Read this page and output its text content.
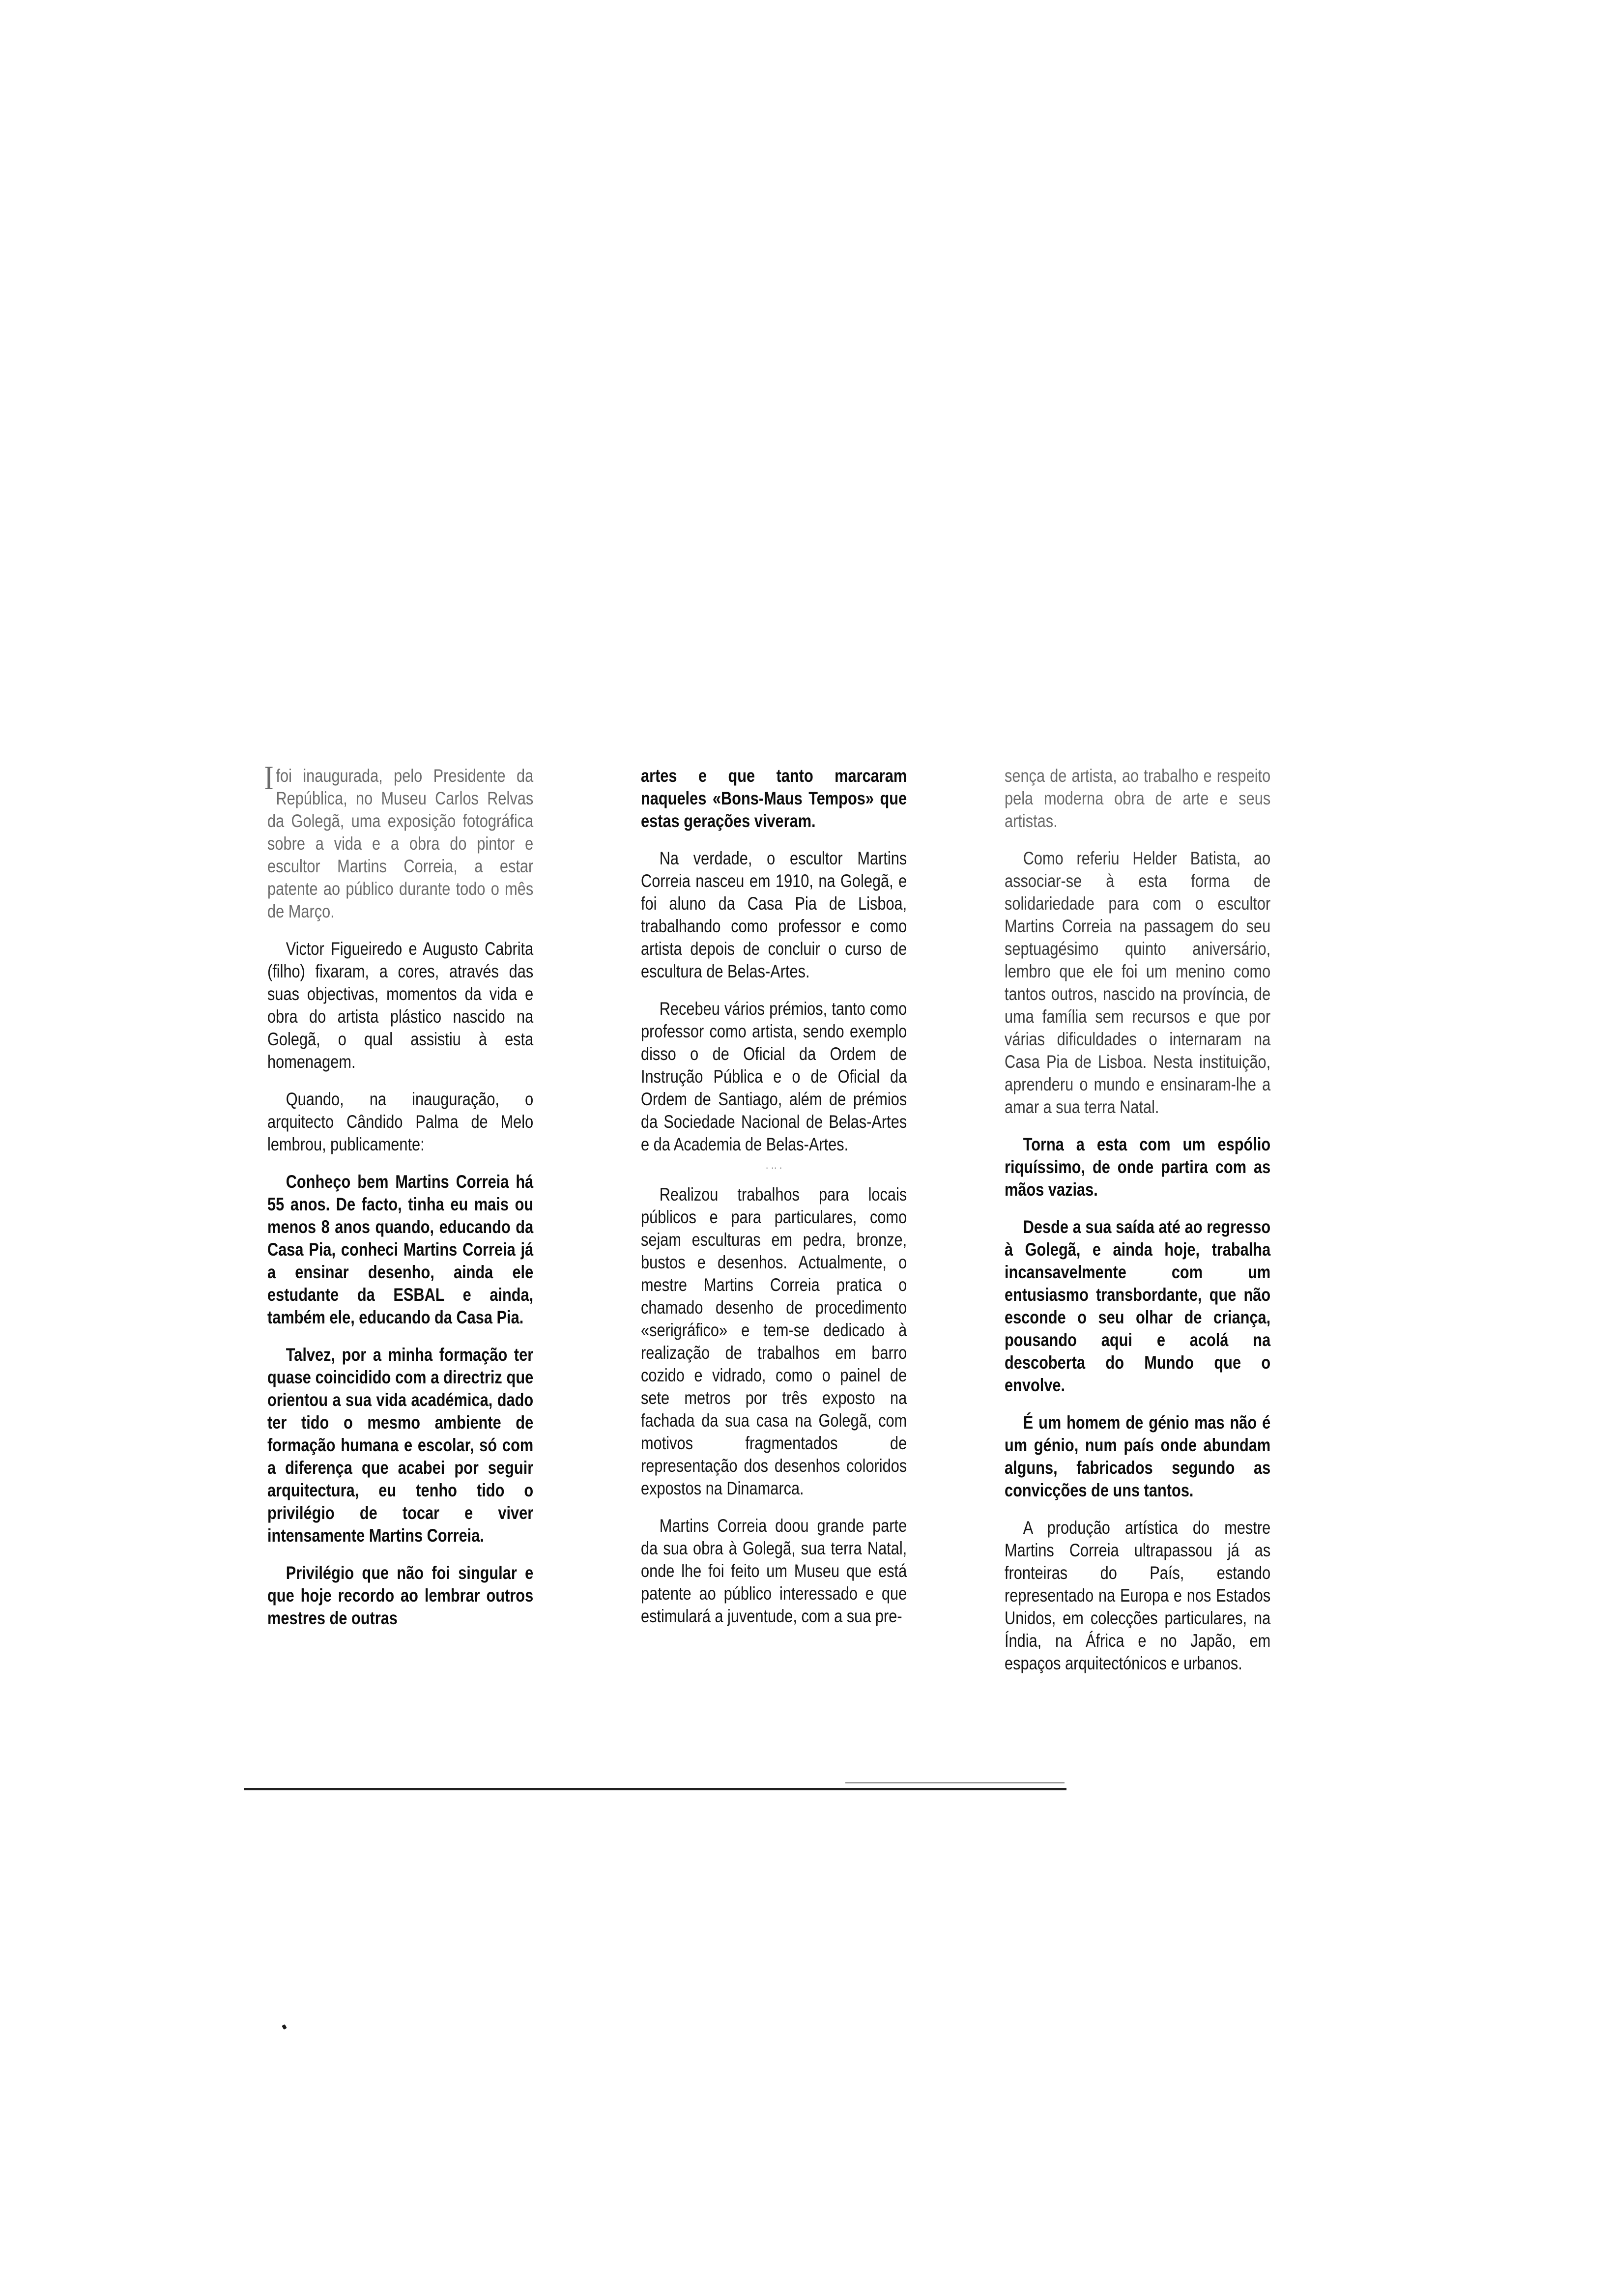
Ifoi inaugurada, pelo Presidente da República, no Museu Carlos Relvas da Golegã, uma exposição fotográfica sobre a vida e a obra do pintor e escultor Martins Correia, a estar patente ao público durante todo o mês de Março.

Victor Figueiredo e Augusto Cabrita (filho) fixaram, a cores, através das suas objectivas, momentos da vida e obra do artista plástico nascido na Golegã, o qual assistiu à esta homenagem.

Quando, na inauguração, o arquitecto Cândido Palma de Melo lembrou, publicamente:

Conheço bem Martins Correia há 55 anos. De facto, tinha eu mais ou menos 8 anos quando, educando da Casa Pia, conheci Martins Correia já a ensinar desenho, ainda ele estudante da ESBAL e ainda, também ele, educando da Casa Pia.

Talvez, por a minha formação ter quase coincidido com a directriz que orientou a sua vida académica, dado ter tido o mesmo ambiente de formação humana e escolar, só com a diferença que acabei por seguir arquitectura, eu tenho tido o privilégio de tocar e viver intensamente Martins Correia.

Privilégio que não foi singular e que hoje recordo ao lembrar outros mestres de outras

artes e que tanto marcaram naqueles «Bons-Maus Tempos» que estas gerações viveram.

Na verdade, o escultor Martins Correia nasceu em 1910, na Golegã, e foi aluno da Casa Pia de Lisboa, trabalhando como professor e como artista depois de concluir o curso de escultura de Belas-Artes.

Recebeu vários prémios, tanto como professor como artista, sendo exemplo disso o de Oficial da Ordem de Instrução Pública e o de Oficial da Ordem de Santiago, além de prémios da Sociedade Nacional de Belas-Artes e da Academia de Belas-Artes.

· ·· ·

Realizou trabalhos para locais públicos e para particulares, como sejam esculturas em pedra, bronze, bustos e desenhos. Actualmente, o mestre Martins Correia pratica o chamado desenho de procedimento «serigráfico» e tem-se dedicado à realização de trabalhos em barro cozido e vidrado, como o painel de sete metros por três exposto na fachada da sua casa na Golegã, com motivos fragmentados de representação dos desenhos coloridos expostos na Dinamarca.

Martins Correia doou grande parte da sua obra à Golegã, sua terra Natal, onde lhe foi feito um Museu que está patente ao público interessado e que estimulará a juventude, com a sua pre-

sença de artista, ao trabalho e respeito pela moderna obra de arte e seus artistas.

Como referiu Helder Batista, ao associar-se à esta forma de solidariedade para com o escultor Martins Correia na passagem do seu septuagésimo quinto aniversário, lembro que ele foi um menino como tantos outros, nascido na província, de uma família sem recursos e que por várias dificuldades o internaram na Casa Pia de Lisboa. Nesta instituição, aprenderu o mundo e ensinaram-lhe a amar a sua terra Natal.

Torna a esta com um espólio riquíssimo, de onde partira com as mãos vazias.

Desde a sua saída até ao regresso à Golegã, e ainda hoje, trabalha incansavelmente com um entusiasmo transbordante, que não esconde o seu olhar de criança, pousando aqui e acolá na descoberta do Mundo que o envolve.

É um homem de génio mas não é um génio, num país onde abundam alguns, fabricados segundo as convicções de uns tantos.

A produção artística do mestre Martins Correia ultrapassou já as fronteiras do País, estando representado na Europa e nos Estados Unidos, em colecções particulares, na Índia, na África e no Japão, em espaços arquitectónicos e urbanos.
